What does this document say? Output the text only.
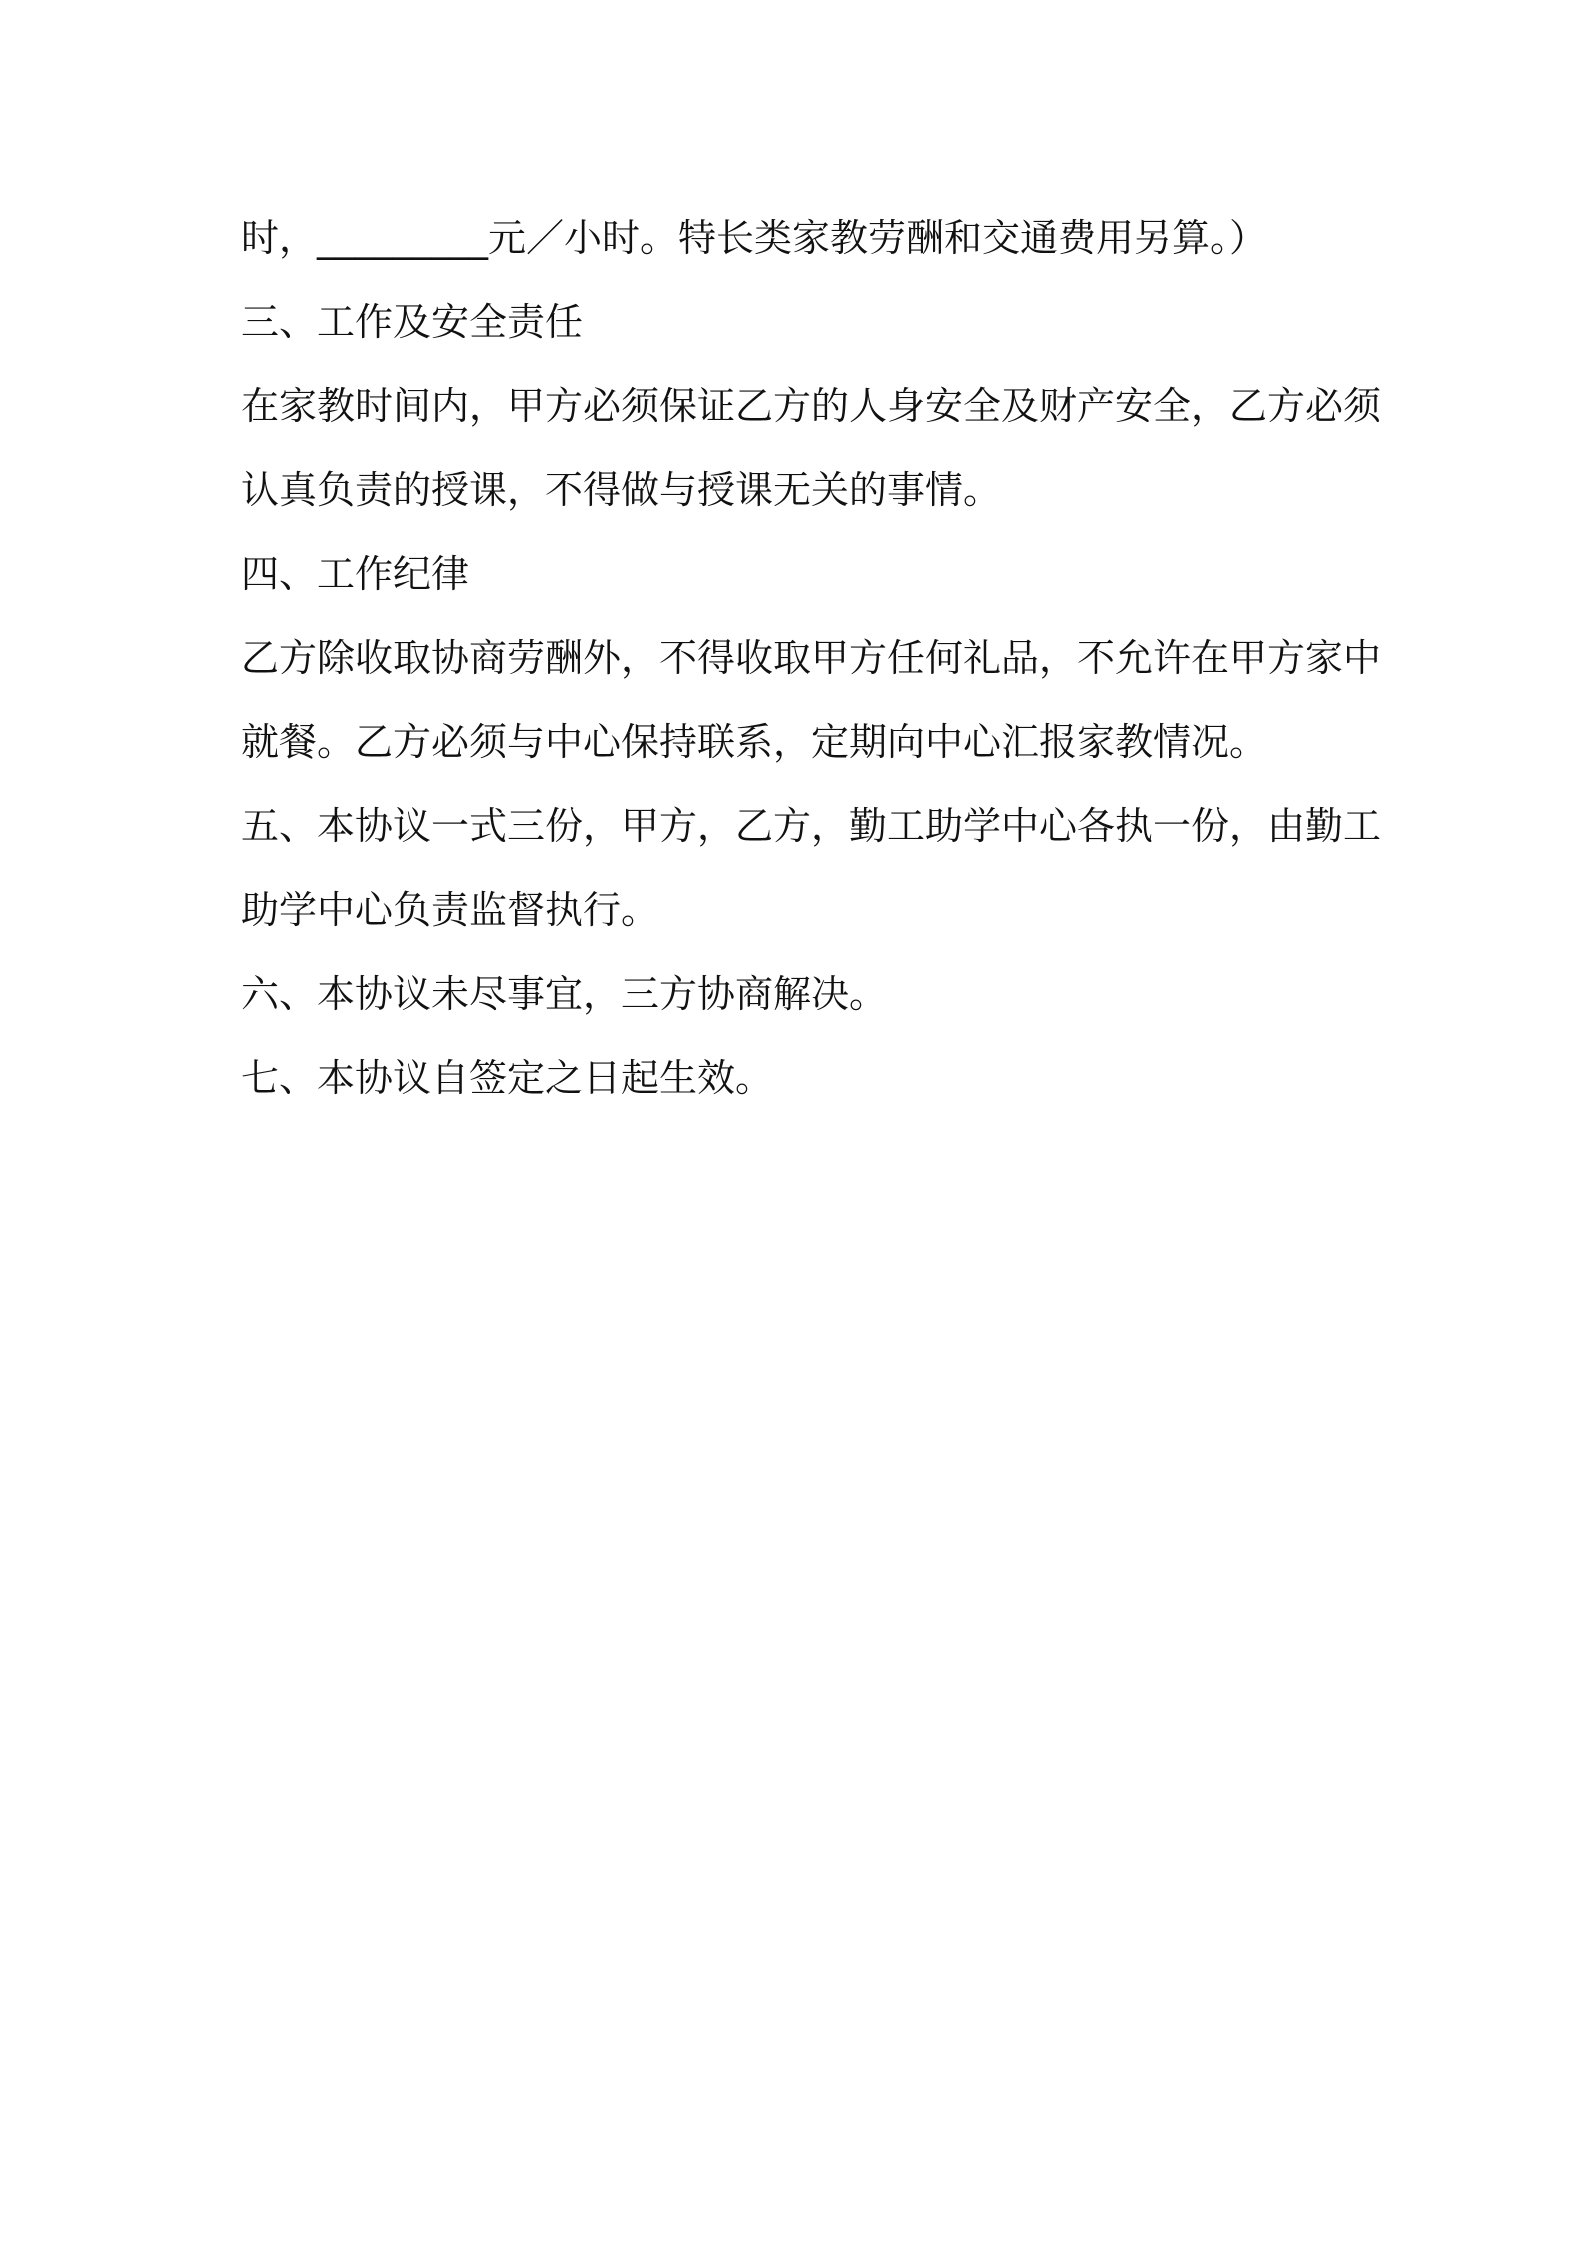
时，_________元／小时。特长类家教劳酬和交通费用另算。）
三、工作及安全责任
在家教时间内，甲方必须保证乙方的人身安全及财产安全，乙方必须
认真负责的授课，不得做与授课无关的事情。
四、工作纪律
乙方除收取协商劳酬外，不得收取甲方任何礼品，不允许在甲方家中
就餐。乙方必须与中心保持联系，定期向中心汇报家教情况。
五、本协议一式三份，甲方，乙方，勤工助学中心各执一份，由勤工
助学中心负责监督执行。
六、本协议未尽事宜，三方协商解决。
七、本协议自签定之日起生效。
